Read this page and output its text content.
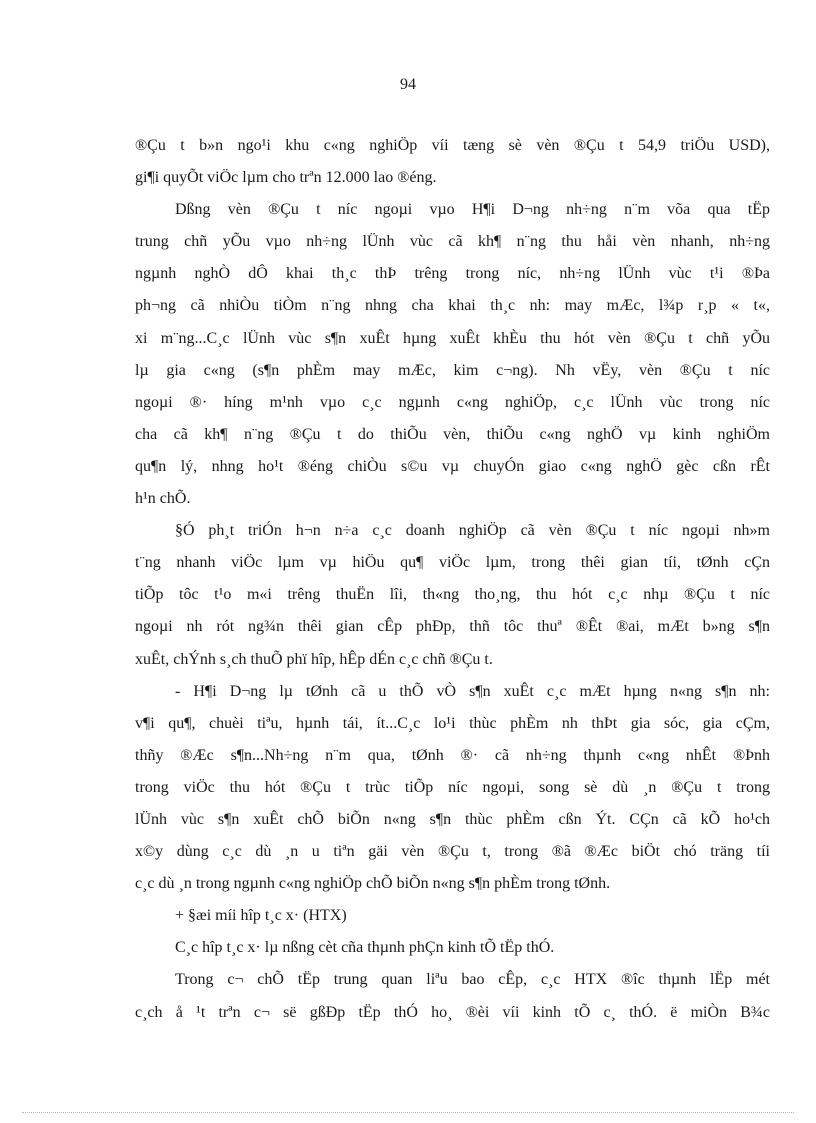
94
®Çu t b»n ngo¹i khu c«ng nghiÖp víi tæng sè vèn ®Çu t 54,9 triÖu USD),
gi¶i quyÕt viÖc lµm cho trªn 12.000 lao ®éng.
Dßng vèn ®Çu t níc ngoµi vµo H¶i D¬ng nh÷ng n¨m võa qua tËp
trung chñ yÕu vµo nh÷ng lÜnh vùc cã kh¶ n¨ng thu håi vèn nhanh, nh÷ng
ngµnh nghÒ dÔ khai th¸c thÞ trêng trong níc, nh÷ng lÜnh vùc t¹i ®Þa
ph¬ng cã nhiÒu tiÒm n¨ng nhng cha khai th¸c nh: may mÆc, l¾p r¸p « t«,
xi m¨ng...C¸c lÜnh vùc s¶n xuÊt hµng xuÊt khÈu thu hót vèn ®Çu t chñ yÕu
lµ gia c«ng (s¶n phÈm may mÆc, kim c¬ng). Nh vËy, vèn ®Çu t níc
ngoµi ®· híng m¹nh vµo c¸c ngµnh c«ng nghiÖp, c¸c lÜnh vùc trong níc
cha cã kh¶ n¨ng ®Çu t do thiÕu vèn, thiÕu c«ng nghÖ vµ kinh nghiÖm
qu¶n lý, nhng ho¹t ®éng chiÒu s©u vµ chuyÓn giao c«ng nghÖ gèc cßn rÊt
h¹n chÕ.
§Ó ph¸t triÓn h¬n n÷a c¸c doanh nghiÖp cã vèn ®Çu t níc ngoµi nh»m
t¨ng nhanh viÖc lµm vµ hiÖu qu¶ viÖc lµm, trong thêi gian tíi, tØnh cÇn
tiÕp tôc t¹o m«i trêng thuËn lîi, th«ng tho¸ng, thu hót c¸c nhµ ®Çu t níc
ngoµi nh rót ng¾n thêi gian cÊp phÐp, thñ tôc thuª ®Êt ®ai, mÆt b»ng s¶n
xuÊt, chÝnh s¸ch thuÕ phï hîp, hÊp dÉn c¸c chñ ®Çu t.
- H¶i D¬ng lµ tØnh cã u thÕ vÒ s¶n xuÊt c¸c mÆt hµng n«ng s¶n nh:
v¶i qu¶, chuèi tiªu, hµnh tái, ít...C¸c lo¹i thùc phÈm nh thÞt gia sóc, gia cÇm,
thñy ®Æc s¶n...Nh÷ng n¨m qua, tØnh ®· cã nh÷ng thµnh c«ng nhÊt ®Þnh
trong viÖc thu hót ®Çu t trùc tiÕp níc ngoµi, song sè dù ¸n ®Çu t trong
lÜnh vùc s¶n xuÊt chÕ biÕn n«ng s¶n thùc phÈm cßn Ýt. CÇn cã kÕ ho¹ch
x©y dùng c¸c dù ¸n u tiªn gäi vèn ®Çu t, trong ®ã ®Æc biÖt chó träng tíi
c¸c dù ¸n trong ngµnh c«ng nghiÖp chÕ biÕn n«ng s¶n phÈm trong tØnh.
+ §æi míi hîp t¸c x· (HTX)
C¸c hîp t¸c x· lµ nßng cèt cña thµnh phÇn kinh tÕ tËp thÓ.
Trong c¬ chÕ tËp trung quan liªu bao cÊp, c¸c HTX ®îc thµnh lËp mét
c¸ch å ¹t trªn c¬ së gßÐp tËp thÓ ho¸ ®èi víi kinh tÕ c¸ thÓ. ë miÒn B¾c
